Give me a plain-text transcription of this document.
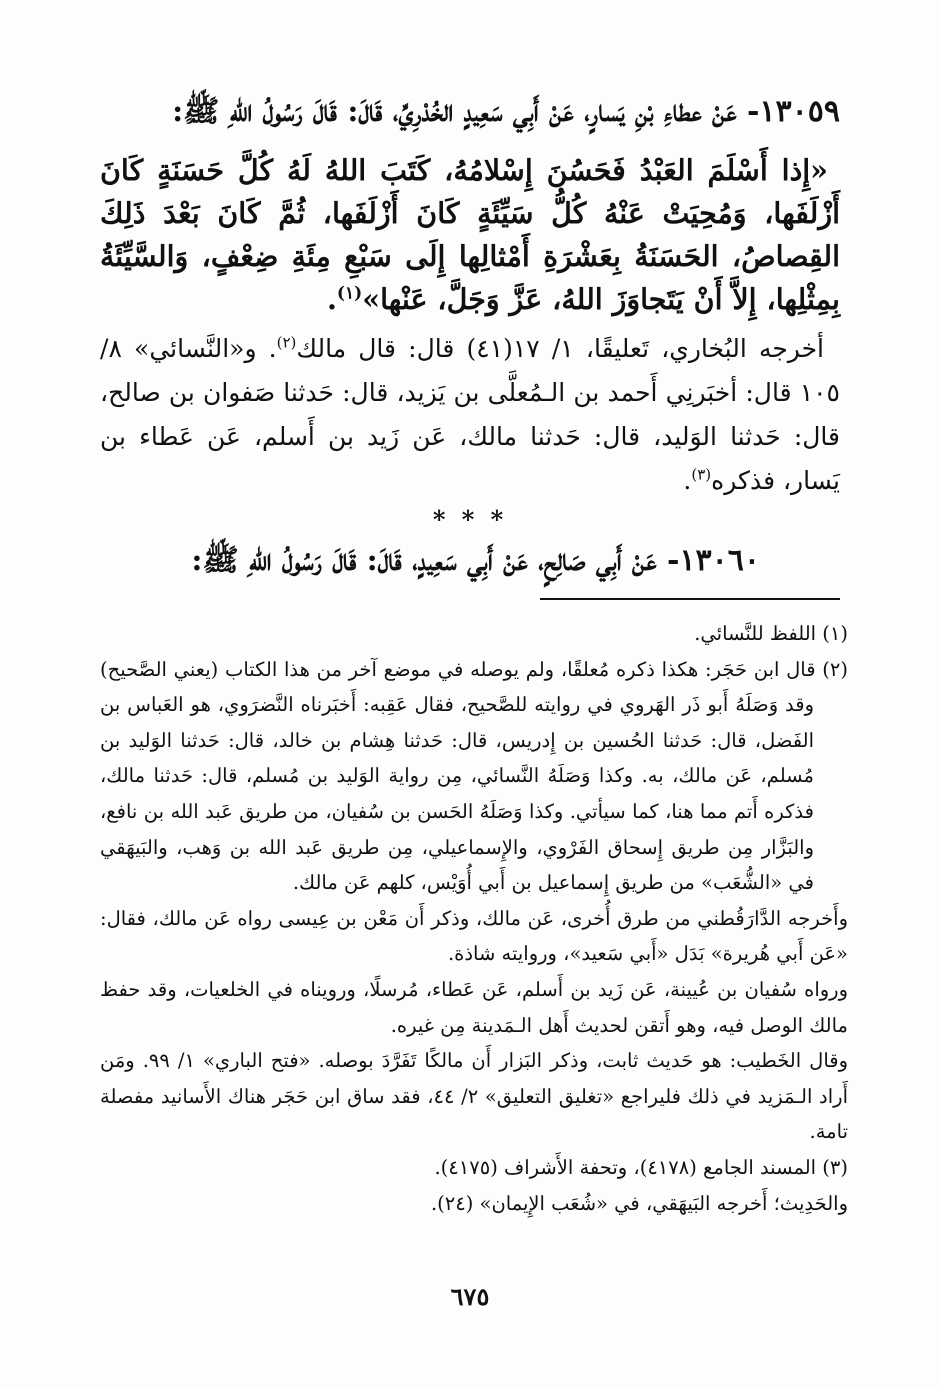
١٣٠٥٩- عَنْ عطاءِ بْنِ يَسارٍ، عَنْ أَبِي سَعِيدٍ الخُدْرِيِّ، قَالَ: قَالَ رَسُولُ اللهِ ﷺ:

«إِذا أَسْلَمَ العَبْدُ فَحَسُنَ إِسْلامُهُ، كَتَبَ اللهُ لَهُ كُلَّ حَسَنَةٍ كَانَ أَزْلَفَها، وَمُحِيَتْ عَنْهُ كُلُّ سَيِّئَةٍ كَانَ أَزْلَفَها، ثُمَّ كَانَ بَعْدَ ذَلِكَ القِصاصُ، الحَسَنَةُ بِعَشْرَةِ أَمْثالِها إِلَى سَبْعِ مِئَةِ ضِعْفٍ، وَالسَّيِّئَةُ بِمِثْلِها، إِلاَّ أَنْ يَتَجاوَزَ اللهُ، عَزَّ وَجَلَّ، عَنْها»$^{(١)}$.

أخرجه البُخاري، تَعليقًا، ١/ ١٧(٤١) قال: قال مالك$^{(٢)}$. و«النَّسائي» ٨/ ١٠٥ قال: أخبَرنِي أَحمد بن الـمُعلَّى بن يَزيد، قال: حَدثنا صَفوان بن صالح، قال: حَدثنا الوَليد، قال: حَدثنا مالك، عَن زَيد بن أَسلم، عَن عَطاء بن يَسار، فذكره$^{(٣)}$.

* * *

١٣٠٦٠- عَنْ أَبِي صَالِحٍ، عَنْ أَبِي سَعِيدٍ، قَالَ: قَالَ رَسُولُ اللهِ ﷺ:

(١) اللفظ للنَّسائي.

(٢) قال ابن حَجَر: هكذا ذكره مُعلقًا، ولم يوصله في موضع آخر من هذا الكتاب (يعني الصَّحيح) وقد وَصَلَهُ أَبو ذَر الهَروي في روايته للصَّحيح، فقال عَقِبه: أَخبَرناه النَّضرَوي، هو العَباس بن الفَضل، قال: حَدثنا الحُسين بن إِدريس، قال: حَدثنا هِشام بن خالد، قال: حَدثنا الوَليد بن مُسلم، عَن مالك، به. وكذا وَصَلَهُ النَّسائي، مِن رواية الوَليد بن مُسلم، قال: حَدثنا مالك، فذكره أَتم مما هنا، كما سيأتي. وكذا وَصَلَهُ الحَسن بن سُفيان، من طريق عَبد الله بن نافع، والبَزَّار مِن طريق إِسحاق الفَرْوي، والإِسماعيلي، مِن طريق عَبد الله بن وَهب، والبَيهَقي في «الشُّعَب» من طريق إِسماعيل بن أَبي أُوَيْس، كلهم عَن مالك.

وأَخرجه الدَّارَقُطني من طرق أُخرى، عَن مالك، وذكر أَن مَعْن بن عِيسى رواه عَن مالك، فقال: «عَن أَبي هُريرة» بَدَل «أَبي سَعيد»، وروايته شاذة.

ورواه سُفيان بن عُيينة، عَن زَيد بن أَسلم، عَن عَطاء، مُرسلًا، ورويناه في الخلعيات، وقد حفظ مالك الوصل فيه، وهو أَتقن لحديث أَهل الـمَدينة مِن غيره.

وقال الخَطيب: هو حَديث ثابت، وذكر البَزار أَن مالكًا تَفَرَّدَ بوصله. «فتح الباري» ١/ ٩٩. ومَن أَراد الـمَزيد في ذلك فليراجع «تغليق التعليق» ٢/ ٤٤، فقد ساق ابن حَجَر هناك الأَسانيد مفصلة تامة.

(٣) المسند الجامع (٤١٧٨)، وتحفة الأَشراف (٤١٧٥).

والحَدِيث؛ أَخرجه البَيهَقي، في «شُعَب الإِيمان» (٢٤).

٦٧٥
